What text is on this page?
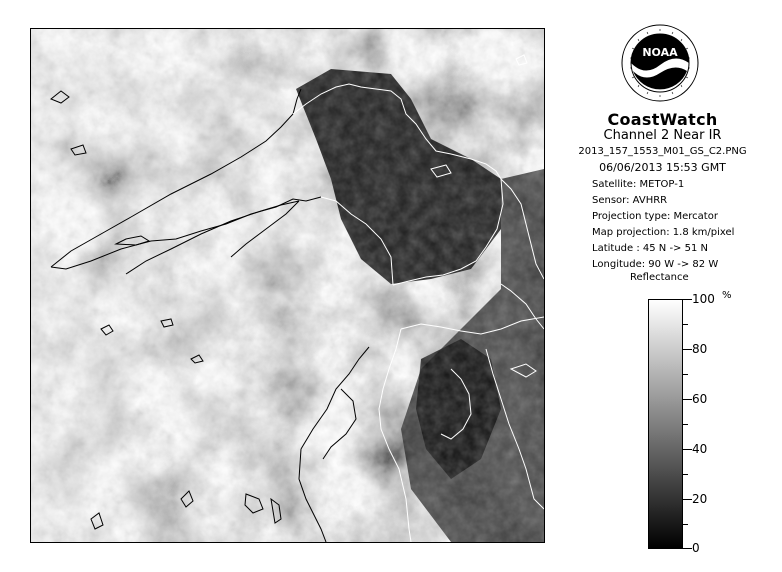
NOAA
CoastWatch
Channel 2 Near IR
2013_157_1553_M01_GS_C2.PNG
06/06/2013 15:53 GMT
Satellite: METOP-1
Sensor: AVHRR
Projection type: Mercator
Map projection: 1.8 km/pixel
Latitude : 45 N -> 51 N
Longitude: 90 W -> 82 W
Reflectance
%
100
80
60
40
20
0
